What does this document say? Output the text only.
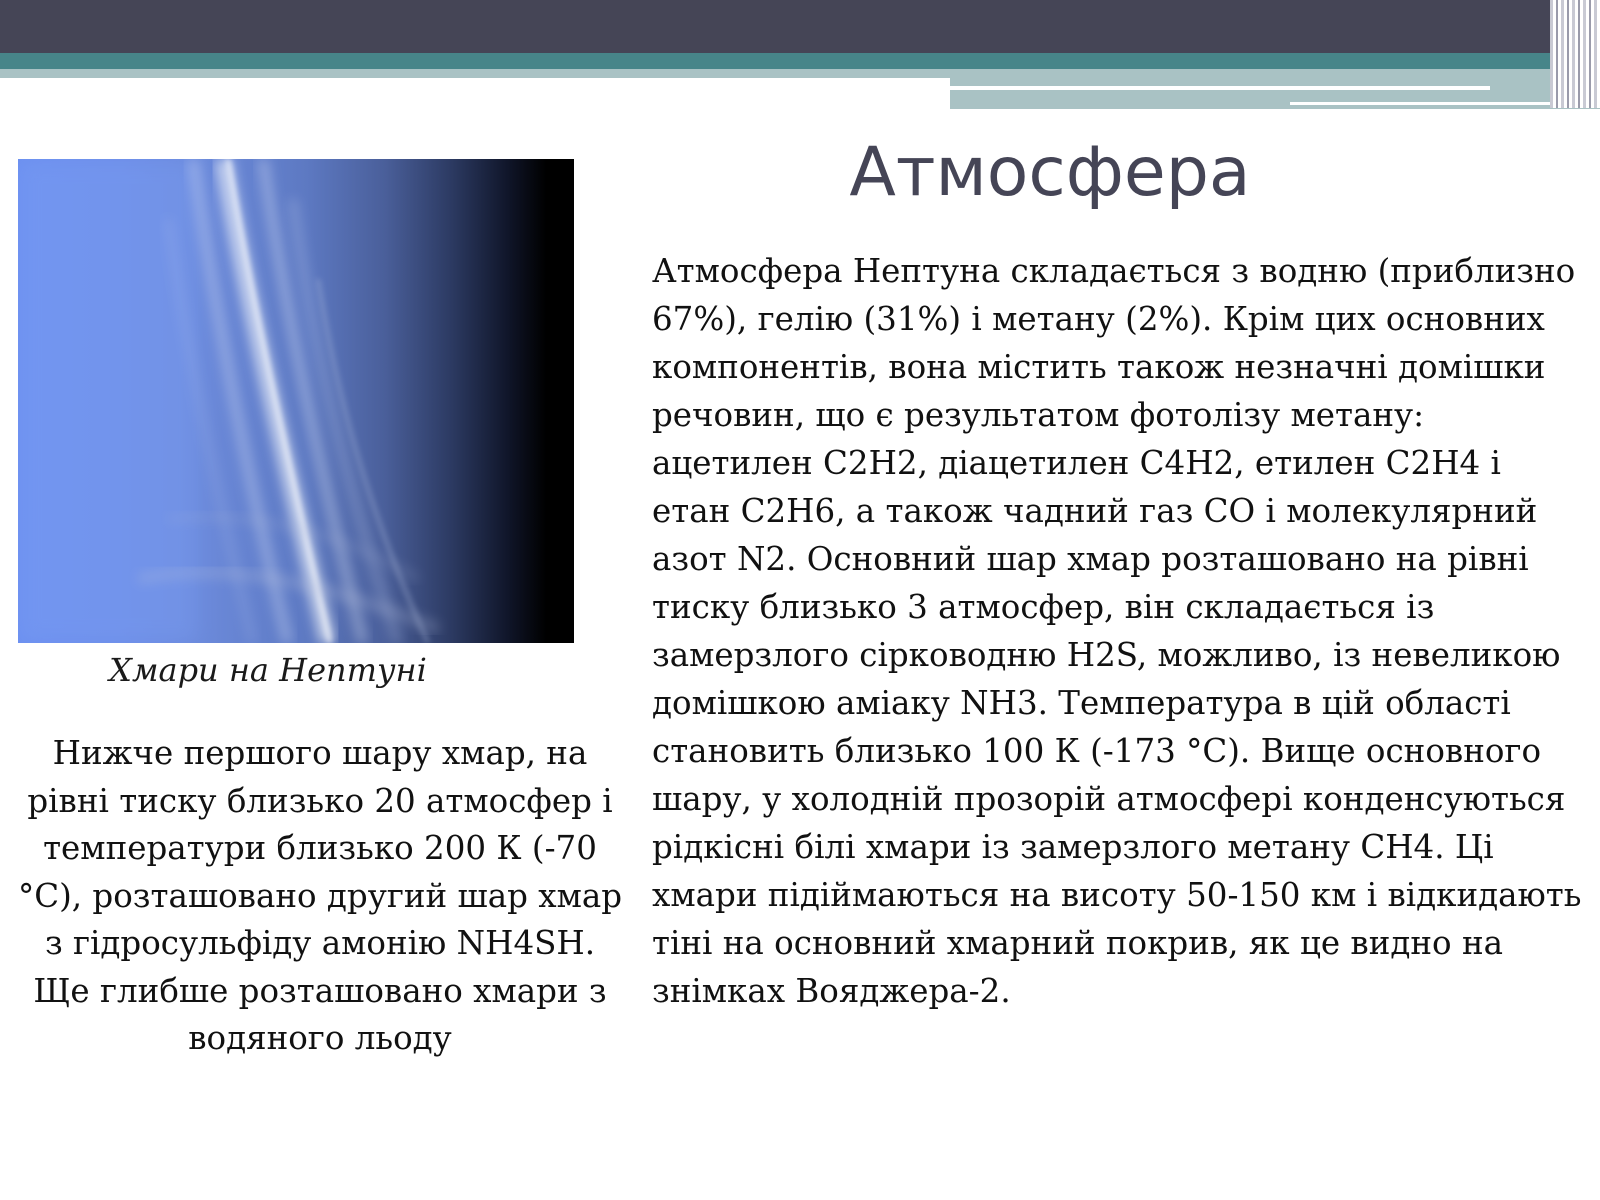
Атмосфера
Хмари на Нептуні
Нижче першого шару хмар, на рівні тиску близько 20 атмосфер і температури близько 200 К (-70 °C), розташовано другий шар хмар з гідросульфіду амонію NH4SH. Ще глибше розташовано хмари з водяного льоду
Атмосфера Нептуна складається з водню (приблизно 67%), гелію (31%) і метану (2%). Крім цих основних компонентів, вона містить також незначні домішки речовин, що є результатом фотолізу метану: ацетилен C2H2, діацетилен C4H2, етилен C2H4 і етан C2H6, а також чадний газ CO і молекулярний азот N2. Основний шар хмар розташовано на рівні тиску близько 3 атмосфер, він складається із замерзлого сірководню H2S, можливо, із невеликою домішкою аміаку NH3. Температура в цій області становить близько 100 К (-173 °C). Вище основного шару, у холодній прозорій атмосфері конденсуються рідкісні білі хмари із замерзлого метану CH4. Ці хмари підіймаються на висоту 50-150 км і відкидають тіні на основний хмарний покрив, як це видно на знімках Вояджера-2.
